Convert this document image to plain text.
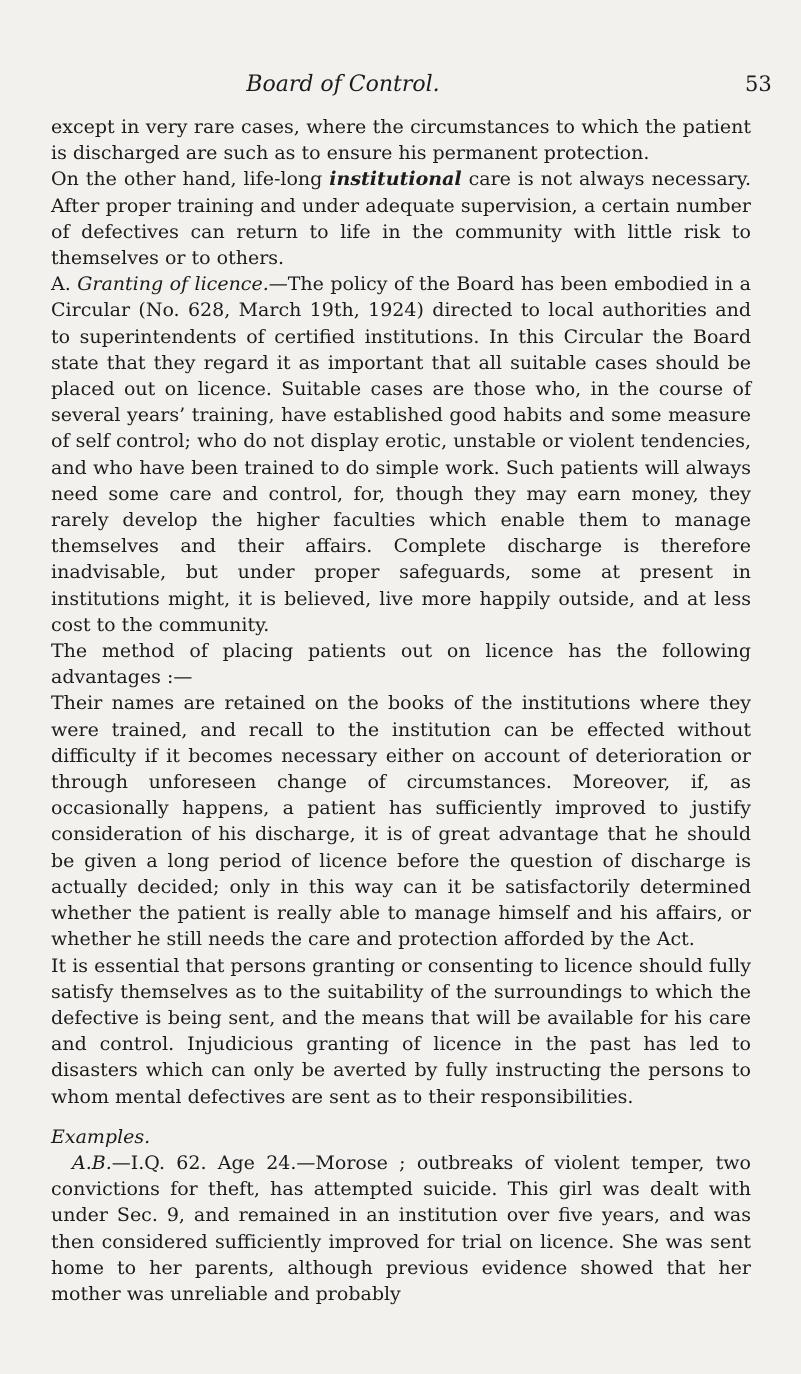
Board of Control.	53

except in very rare cases, where the circumstances to which the patient is discharged are such as to ensure his permanent protection.

On the other hand, life-long institutional care is not always necessary. After proper training and under adequate supervision, a certain number of defectives can return to life in the community with little risk to themselves or to others.

A. Granting of licence.—The policy of the Board has been embodied in a Circular (No. 628, March 19th, 1924) directed to local authorities and to superintendents of certified institutions. In this Circular the Board state that they regard it as important that all suitable cases should be placed out on licence. Suitable cases are those who, in the course of several years’ training, have established good habits and some measure of self control; who do not display erotic, unstable or violent tendencies, and who have been trained to do simple work. Such patients will always need some care and control, for, though they may earn money, they rarely develop the higher faculties which enable them to manage themselves and their affairs. Complete discharge is therefore inadvisable, but under proper safeguards, some at present in institutions might, it is believed, live more happily outside, and at less cost to the community.

The method of placing patients out on licence has the following advantages :—

Their names are retained on the books of the institutions where they were trained, and recall to the institution can be effected without difficulty if it becomes necessary either on account of deterioration or through unforeseen change of circumstances. Moreover, if, as occasionally happens, a patient has sufficiently improved to justify consideration of his discharge, it is of great advantage that he should be given a long period of licence before the question of discharge is actually decided; only in this way can it be satisfactorily determined whether the patient is really able to manage himself and his affairs, or whether he still needs the care and protection afforded by the Act.

It is essential that persons granting or consenting to licence should fully satisfy themselves as to the suitability of the surroundings to which the defective is being sent, and the means that will be available for his care and control. Injudicious granting of licence in the past has led to disasters which can only be averted by fully instructing the persons to whom mental defectives are sent as to their responsibilities.

Examples.

A.B.—I.Q. 62. Age 24.—Morose ; outbreaks of violent temper, two convictions for theft, has attempted suicide. This girl was dealt with under Sec. 9, and remained in an institution over five years, and was then considered sufficiently improved for trial on licence. She was sent home to her parents, although previous evidence showed that her mother was unreliable and probably
